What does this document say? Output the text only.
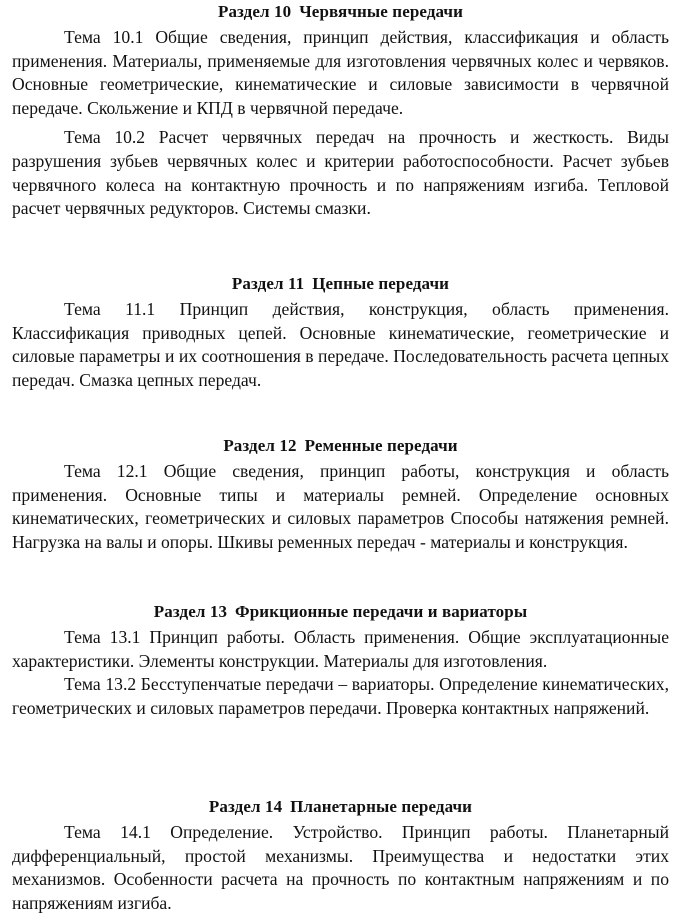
Раздел 10 Червячные передачи

Тема 10.1 Общие сведения, принцип действия, классификация и область применения. Материалы, применяемые для изготовления червячных колес и червяков. Основные геометрические, кинематические и силовые зависимости в червячной передаче. Скольжение и КПД в червячной передаче.

Тема 10.2 Расчет червячных передач на прочность и жесткость. Виды разрушения зубьев червячных колес и критерии работоспособности. Расчет зубьев червячного колеса на контактную прочность и по напряжениям изгиба. Тепловой расчет червячных редукторов. Системы смазки.

Раздел 11 Цепные передачи

Тема 11.1 Принцип действия, конструкция, область применения. Классификация приводных цепей. Основные кинематические, геометрические и силовые параметры и их соотношения в передаче. Последовательность расчета цепных передач. Смазка цепных передач.

Раздел 12 Ременные передачи

Тема 12.1 Общие сведения, принцип работы, конструкция и область применения. Основные типы и материалы ремней. Определение основных кинематических, геометрических и силовых параметров Способы натяжения ремней. Нагрузка на валы и опоры. Шкивы ременных передач - материалы и конструкция.

Раздел 13 Фрикционные передачи и вариаторы

Тема 13.1 Принцип работы. Область применения. Общие эксплуатационные характеристики. Элементы конструкции. Материалы для изготовления.

Тема 13.2 Бесступенчатые передачи – вариаторы. Определение кинематических, геометрических и силовых параметров передачи. Проверка контактных напряжений.

Раздел 14 Планетарные передачи

Тема 14.1 Определение. Устройство. Принцип работы. Планетарный дифференциальный, простой механизмы. Преимущества и недостатки этих механизмов. Особенности расчета на прочность по контактным напряжениям и по напряжениям изгиба.
